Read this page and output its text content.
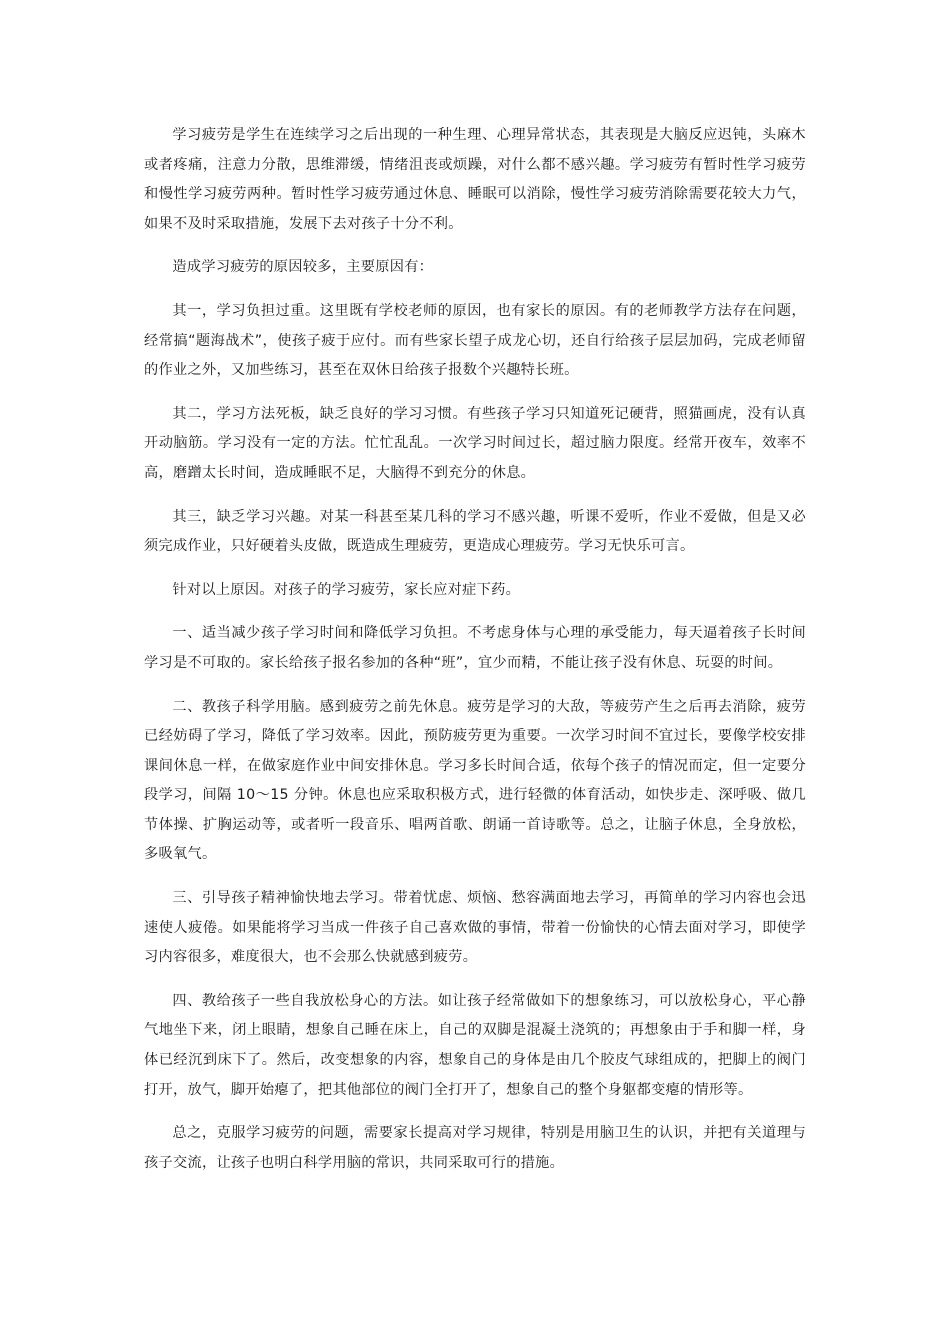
学习疲劳是学生在连续学习之后出现的一种生理、心理异常状态，其表现是大脑反应迟钝，头麻木或者疼痛，注意力分散，思维滞缓，情绪沮丧或烦躁，对什么都不感兴趣。学习疲劳有暂时性学习疲劳和慢性学习疲劳两种。暂时性学习疲劳通过休息、睡眠可以消除，慢性学习疲劳消除需要花较大力气，如果不及时采取措施，发展下去对孩子十分不利。

造成学习疲劳的原因较多，主要原因有：

其一，学习负担过重。这里既有学校老师的原因，也有家长的原因。有的老师教学方法存在问题，经常搞“题海战术”，使孩子疲于应付。而有些家长望子成龙心切，还自行给孩子层层加码，完成老师留的作业之外，又加些练习，甚至在双休日给孩子报数个兴趣特长班。

其二，学习方法死板，缺乏良好的学习习惯。有些孩子学习只知道死记硬背，照猫画虎，没有认真开动脑筋。学习没有一定的方法。忙忙乱乱。一次学习时间过长，超过脑力限度。经常开夜车，效率不高，磨蹭太长时间，造成睡眠不足，大脑得不到充分的休息。

其三，缺乏学习兴趣。对某一科甚至某几科的学习不感兴趣，听课不爱听，作业不爱做，但是又必须完成作业，只好硬着头皮做，既造成生理疲劳，更造成心理疲劳。学习无快乐可言。

针对以上原因。对孩子的学习疲劳，家长应对症下药。

一、适当减少孩子学习时间和降低学习负担。不考虑身体与心理的承受能力，每天逼着孩子长时间学习是不可取的。家长给孩子报名参加的各种“班”，宜少而精，不能让孩子没有休息、玩耍的时间。

二、教孩子科学用脑。感到疲劳之前先休息。疲劳是学习的大敌，等疲劳产生之后再去消除，疲劳已经妨碍了学习，降低了学习效率。因此，预防疲劳更为重要。一次学习时间不宜过长，要像学校安排课间休息一样，在做家庭作业中间安排休息。学习多长时间合适，依每个孩子的情况而定，但一定要分段学习，间隔 10～15 分钟。休息也应采取积极方式，进行轻微的体育活动，如快步走、深呼吸、做几节体操、扩胸运动等，或者听一段音乐、唱两首歌、朗诵一首诗歌等。总之，让脑子休息，全身放松，多吸氧气。

三、引导孩子精神愉快地去学习。带着忧虑、烦恼、愁容满面地去学习，再简单的学习内容也会迅速使人疲倦。如果能将学习当成一件孩子自己喜欢做的事情，带着一份愉快的心情去面对学习，即使学习内容很多，难度很大，也不会那么快就感到疲劳。

四、教给孩子一些自我放松身心的方法。如让孩子经常做如下的想象练习，可以放松身心，平心静气地坐下来，闭上眼睛，想象自己睡在床上，自己的双脚是混凝土浇筑的；再想象由于手和脚一样，身体已经沉到床下了。然后，改变想象的内容，想象自己的身体是由几个胶皮气球组成的，把脚上的阀门打开，放气，脚开始瘪了，把其他部位的阀门全打开了，想象自己的整个身躯都变瘪的情形等。

总之，克服学习疲劳的问题，需要家长提高对学习规律，特别是用脑卫生的认识，并把有关道理与孩子交流，让孩子也明白科学用脑的常识，共同采取可行的措施。
